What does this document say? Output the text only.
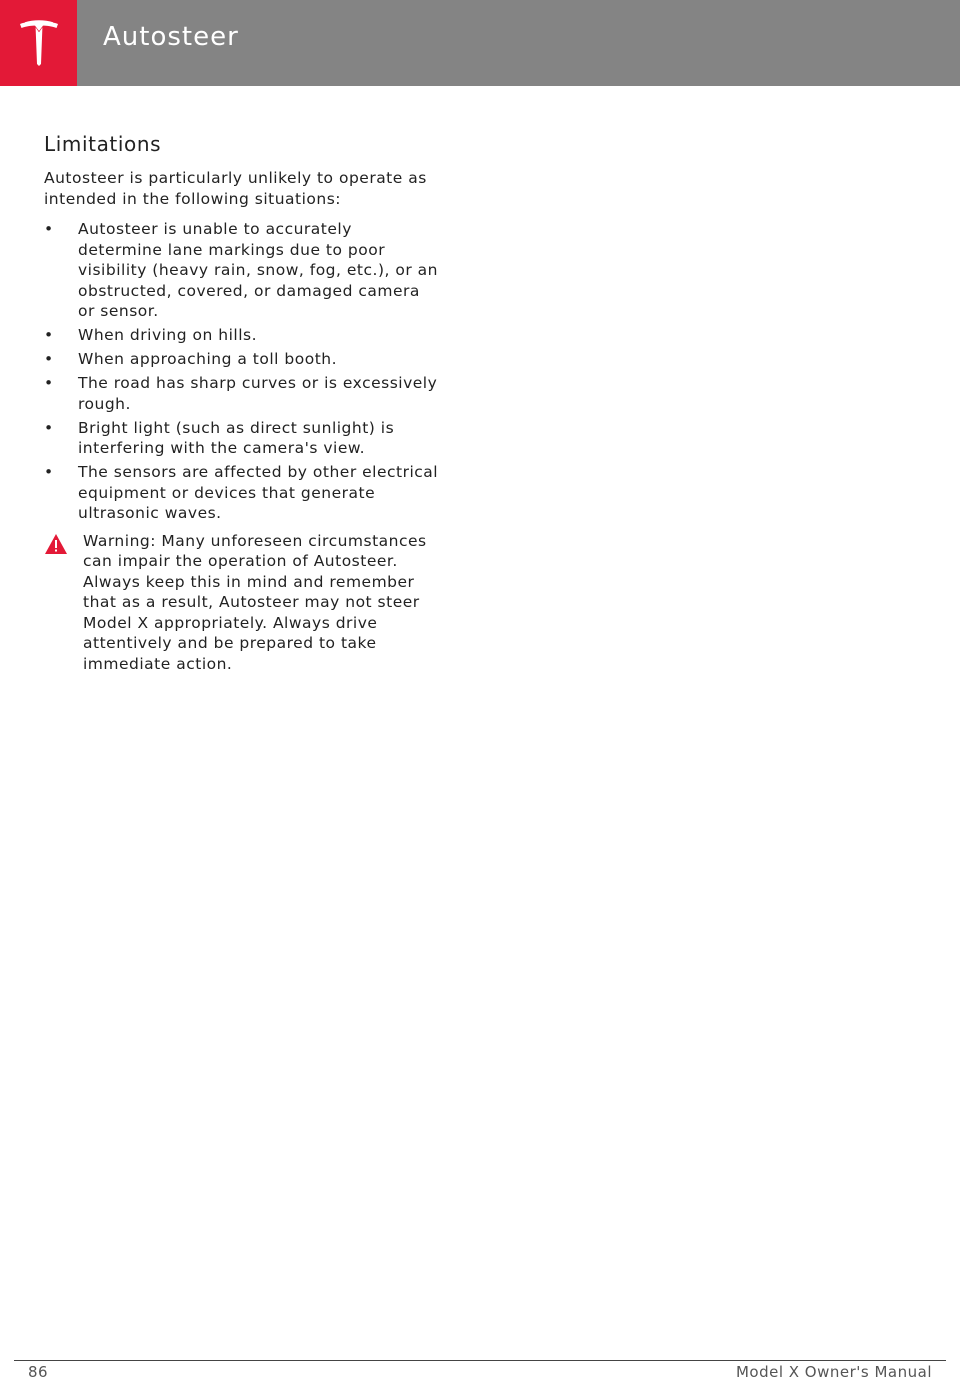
Autosteer
Limitations

Autosteer is particularly unlikely to operate as intended in the following situations:

• Autosteer is unable to accurately determine lane markings due to poor visibility (heavy rain, snow, fog, etc.), or an obstructed, covered, or damaged camera or sensor.
• When driving on hills.
• When approaching a toll booth.
• The road has sharp curves or is excessively rough.
• Bright light (such as direct sunlight) is interfering with the camera's view.
• The sensors are affected by other electrical equipment or devices that generate ultrasonic waves.
Warning: Many unforeseen circumstances can impair the operation of Autosteer. Always keep this in mind and remember that as a result, Autosteer may not steer Model X appropriately. Always drive attentively and be prepared to take immediate action.
86	Model X Owner's Manual
